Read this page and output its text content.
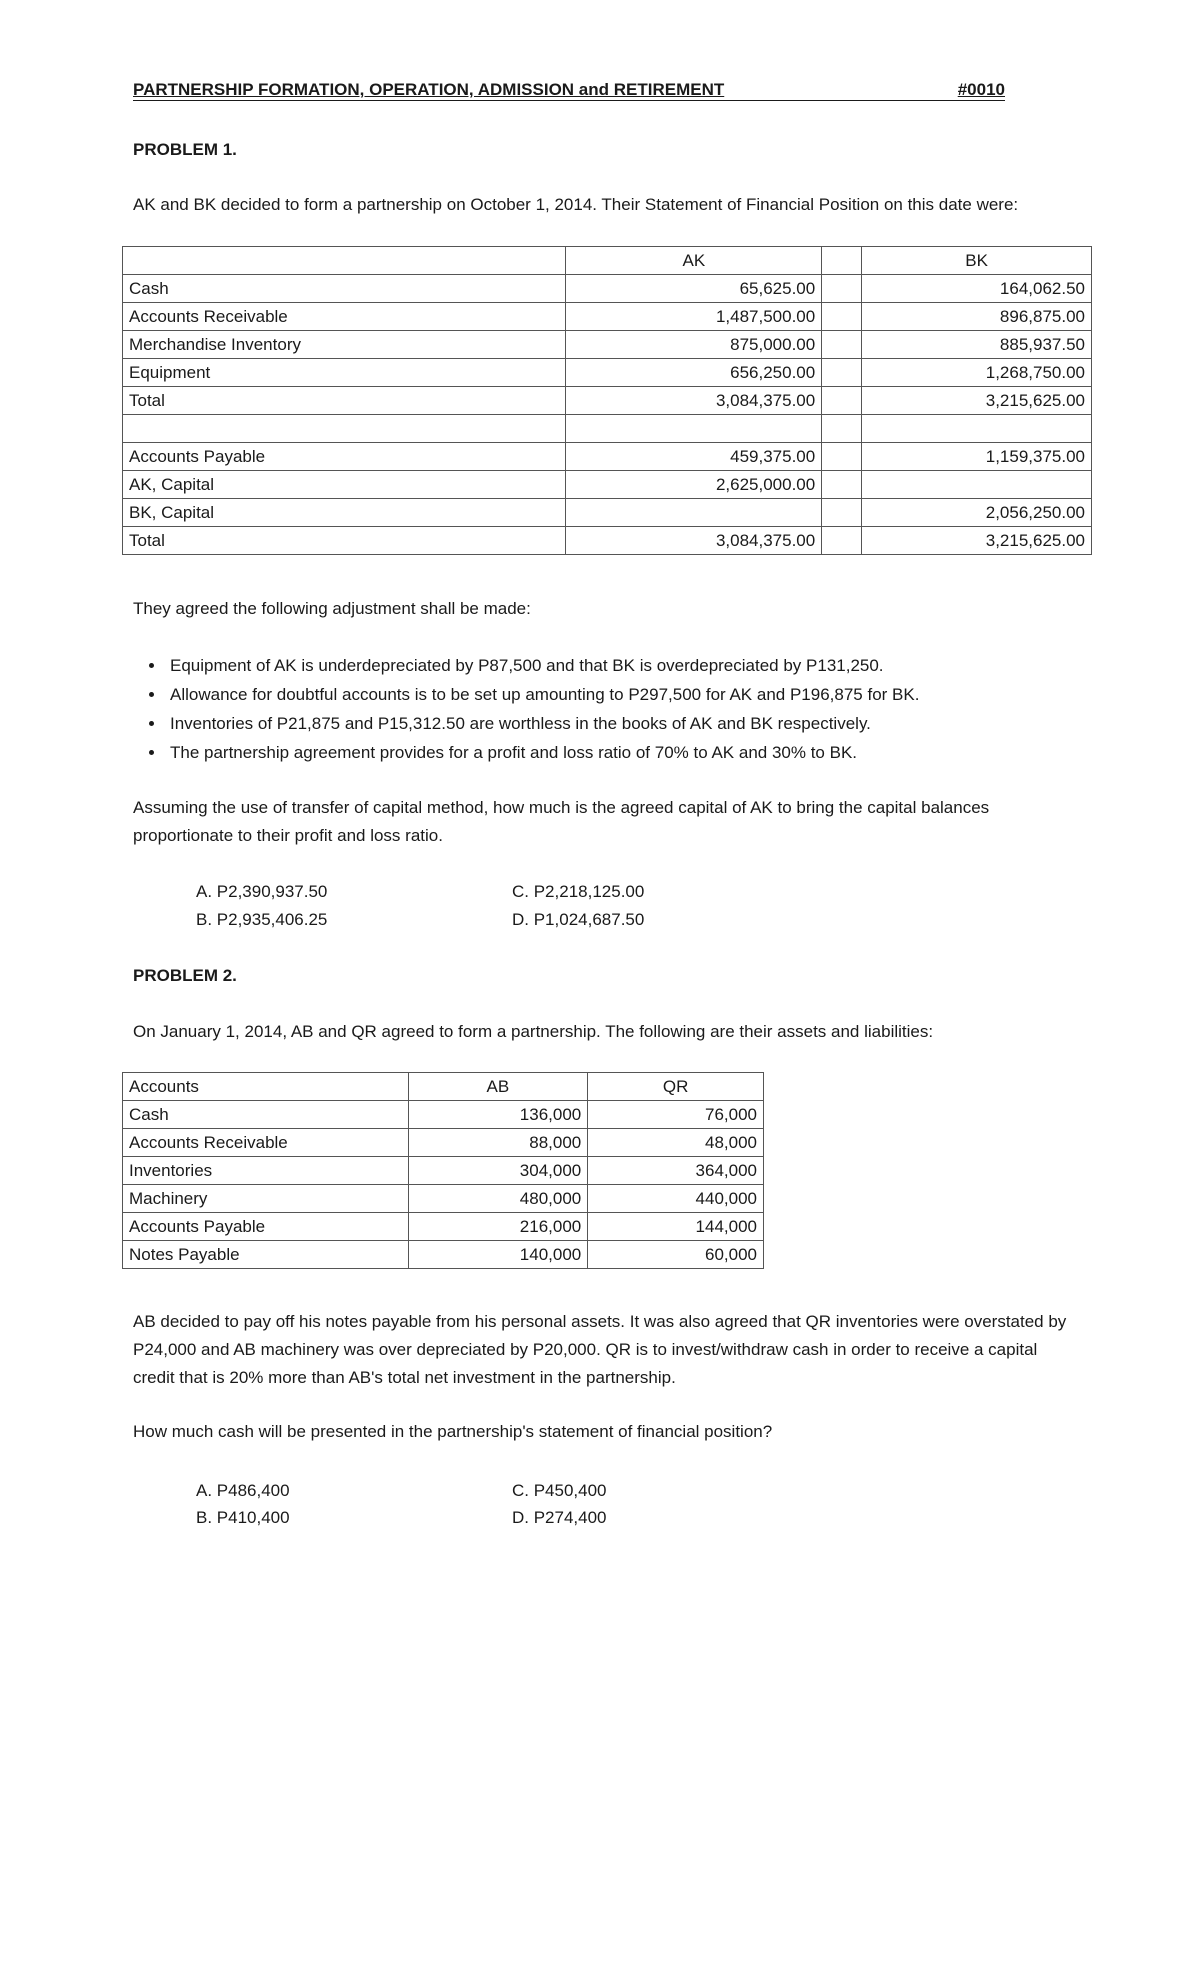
PARTNERSHIP FORMATION, OPERATION, ADMISSION and RETIREMENT	#0010
PROBLEM 1.
AK and BK decided to form a partnership on October 1, 2014. Their Statement of Financial Position on this date were:
	AK		BK
Cash	65,625.00		164,062.50
Accounts Receivable	1,487,500.00		896,875.00
Merchandise Inventory	875,000.00		885,937.50
Equipment	656,250.00		1,268,750.00
Total	3,084,375.00		3,215,625.00

Accounts Payable	459,375.00		1,159,375.00
AK, Capital	2,625,000.00		
BK, Capital			2,056,250.00
Total	3,084,375.00		3,215,625.00
They agreed the following adjustment shall be made:
• Equipment of AK is underdepreciated by P87,500 and that BK is overdepreciated by P131,250.
• Allowance for doubtful accounts is to be set up amounting to P297,500 for AK and P196,875 for BK.
• Inventories of P21,875 and P15,312.50 are worthless in the books of AK and BK respectively.
• The partnership agreement provides for a profit and loss ratio of 70% to AK and 30% to BK.
Assuming the use of transfer of capital method, how much is the agreed capital of AK to bring the capital balances proportionate to their profit and loss ratio.
A. P2,390,937.50
B. P2,935,406.25
C. P2,218,125.00
D. P1,024,687.50
PROBLEM 2.
On January 1, 2014, AB and QR agreed to form a partnership. The following are their assets and liabilities:
Accounts	AB	QR
Cash	136,000	76,000
Accounts Receivable	88,000	48,000
Inventories	304,000	364,000
Machinery	480,000	440,000
Accounts Payable	216,000	144,000
Notes Payable	140,000	60,000
AB decided to pay off his notes payable from his personal assets. It was also agreed that QR inventories were overstated by P24,000 and AB machinery was over depreciated by P20,000. QR is to invest/withdraw cash in order to receive a capital credit that is 20% more than AB's total net investment in the partnership.
How much cash will be presented in the partnership's statement of financial position?
A. P486,400
B. P410,400
C. P450,400
D. P274,400
